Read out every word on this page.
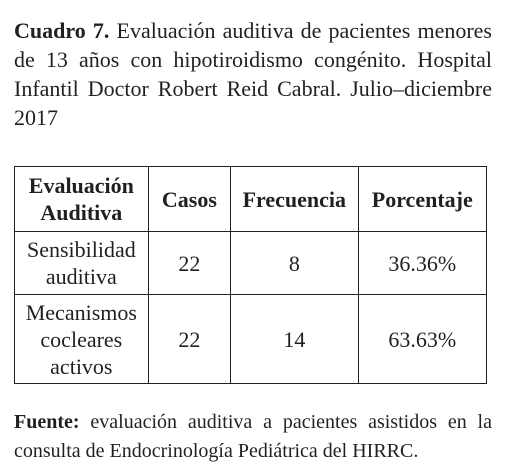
Cuadro 7. Evaluación auditiva de pacientes menores de 13 años con hipotiroidismo congénito. Hospital Infantil Doctor Robert Reid Cabral. Julio–diciembre 2017
Evaluación Auditiva	Casos	Frecuencia	Porcentaje
Sensibilidad auditiva	22	8	36.36%
Mecanismos cocleares activos	22	14	63.63%
Fuente: evaluación auditiva a pacientes asistidos en la consulta de Endocrinología Pediátrica del HIRRC.
